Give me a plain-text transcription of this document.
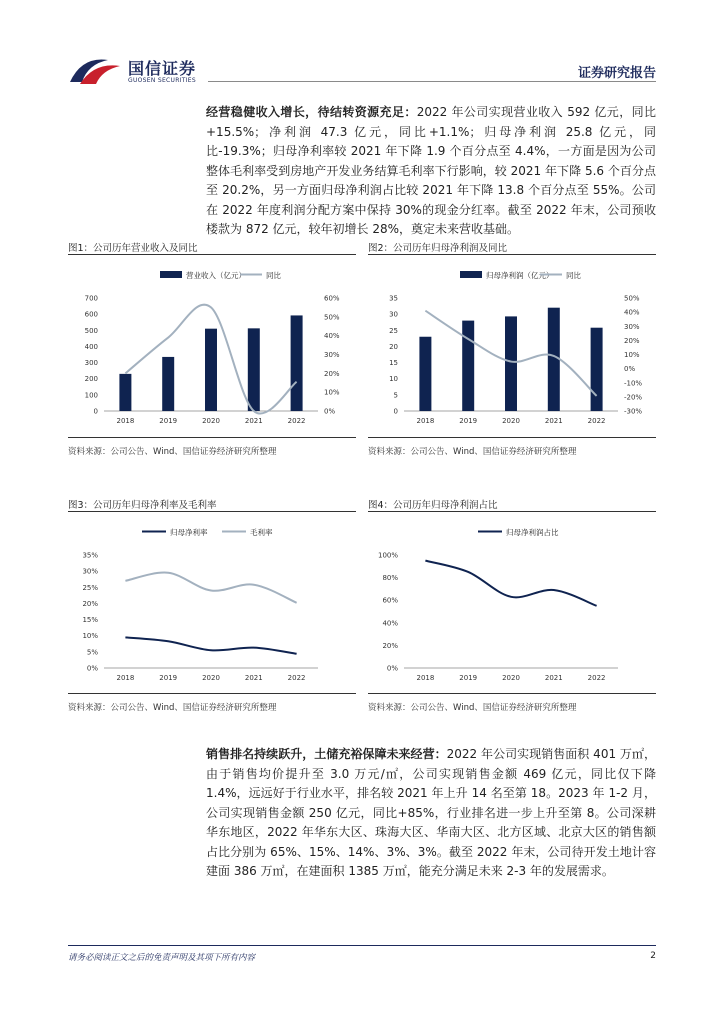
国信证券
GUOSEN SECURITIES	证券研究报告
经营稳健收入增长，待结转资源充足：2022 年公司实现营业收入 592 亿元，同比+15.5%；净利润 47.3 亿元，同比+1.1%；归母净利润 25.8 亿元，同比-19.3%；归母净利率较 2021 年下降 1.9 个百分点至 4.4%，一方面是因为公司整体毛利率受到房地产开发业务结算毛利率下行影响，较 2021 年下降 5.6 个百分点至 20.2%，另一方面归母净利润占比较 2021 年下降 13.8 个百分点至 55%。公司在 2022 年度利润分配方案中保持 30%的现金分红率。截至 2022 年末，公司预收楼款为 872 亿元，较年初增长 28%，奠定未来营收基础。
图1：公司历年营业收入及同比
营业收入（亿元）	同比
0
100
200
300
400
500
600
700
0%
10%
20%
30%
40%
50%
60%
2018	2019	2020	2021	2022
资料来源：公司公告、Wind、国信证券经济研究所整理
图2：公司历年归母净利润及同比
归母净利润（亿元） 同比
0
5
10
15
20
25
30
35
-30%
-20%
-10%
0%
10%
20%
30%
40%
50%
2018	2019	2020	2021	2022
资料来源：公司公告、Wind、国信证券经济研究所整理
图3：公司历年归母净利率及毛利率
归母净利率	毛利率
0%
5%
10%
15%
20%
25%
30%
35%
2018	2019	2020	2021	2022
资料来源：公司公告、Wind、国信证券经济研究所整理
图4：公司历年归母净利润占比
归母净利润占比
0%
20%
40%
60%
80%
100%
2018	2019	2020	2021	2022
资料来源：公司公告、Wind、国信证券经济研究所整理
销售排名持续跃升，土储充裕保障未来经营：2022 年公司实现销售面积 401 万㎡，由于销售均价提升至 3.0 万元/㎡，公司实现销售金额 469 亿元，同比仅下降 1.4%，远远好于行业水平，排名较 2021 年上升 14 名至第 18。2023 年 1-2 月，公司实现销售金额 250 亿元，同比+85%，行业排名进一步上升至第 8。公司深耕华东地区，2022 年华东大区、珠海大区、华南大区、北方区域、北京大区的销售额占比分别为 65%、15%、14%、3%、3%。截至 2022 年末，公司待开发土地计容建面 386 万㎡，在建面积 1385 万㎡，能充分满足未来 2-3 年的发展需求。
请务必阅读正文之后的免责声明及其项下所有内容	2
